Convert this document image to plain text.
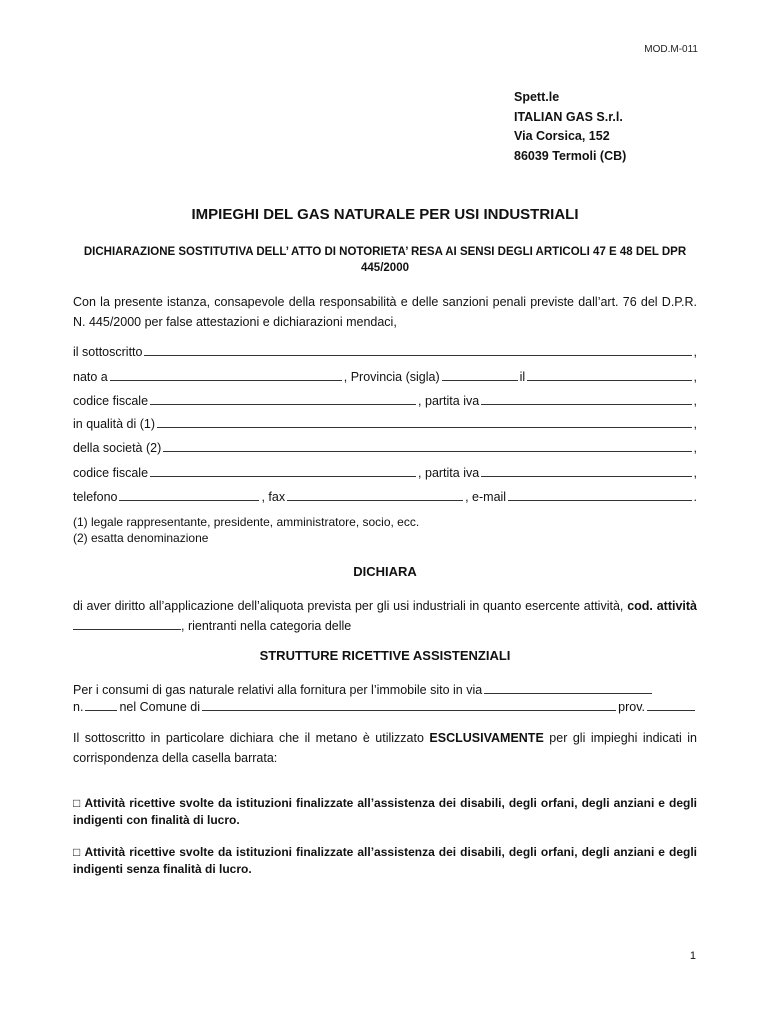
MOD.M-011
Spett.le
ITALIAN GAS S.r.l.
Via Corsica, 152
86039 Termoli (CB)
IMPIEGHI DEL GAS NATURALE PER USI INDUSTRIALI
DICHIARAZIONE SOSTITUTIVA DELL’ ATTO DI NOTORIETA’ RESA AI SENSI DEGLI ARTICOLI 47 E 48 DEL DPR 445/2000
Con la presente istanza, consapevole della responsabilità e delle sanzioni penali previste dall’art. 76 del D.P.R. N. 445/2000 per false attestazioni e dichiarazioni mendaci,
il sottoscritto	,
nato a	, Provincia (sigla)	il	,
codice fiscale	, partita iva	,
in qualità di (1)	,
della società (2)	,
codice fiscale	, partita iva	,
telefono	, fax	, e-mail	.
(1) legale rappresentante, presidente, amministratore, socio, ecc.
(2) esatta denominazione
DICHIARA
di aver diritto all’applicazione dell’aliquota prevista per gli usi industriali in quanto esercente attività, cod. attività, rientranti nella categoria delle
STRUTTURE RICETTIVE ASSISTENZIALI
Per i consumi di gas naturale relativi alla fornitura per l’immobile sito in via
n.	nel Comune di	prov.
Il sottoscritto in particolare dichiara che il metano è utilizzato ESCLUSIVAMENTE per gli impieghi indicati in corrispondenza della casella barrata:
□ Attività ricettive svolte da istituzioni finalizzate all’assistenza dei disabili, degli orfani, degli anziani e degli indigenti con finalità di lucro.
□ Attività ricettive svolte da istituzioni finalizzate all’assistenza dei disabili, degli orfani, degli anziani e degli indigenti senza finalità di lucro.
1
